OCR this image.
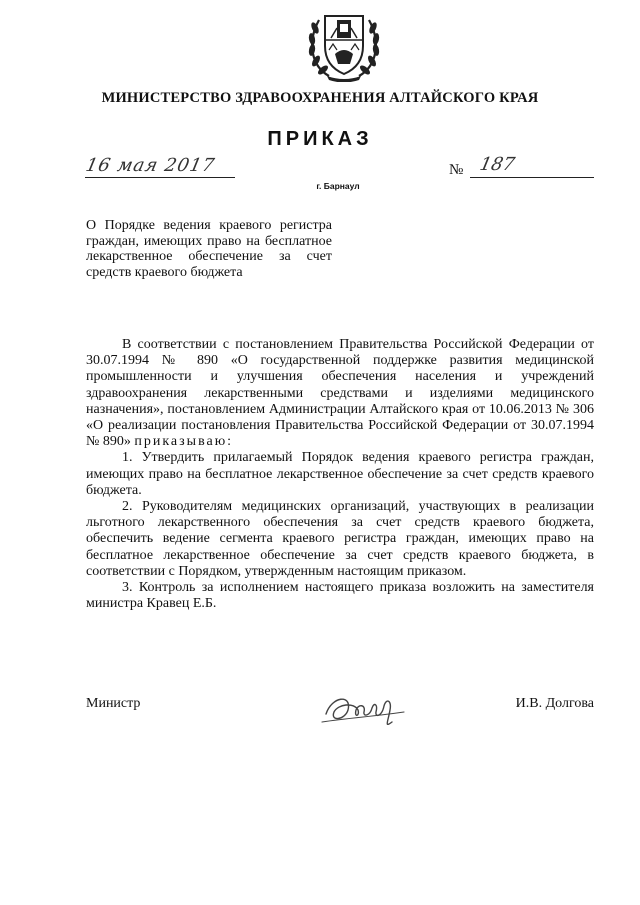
МИНИСТЕРСТВО ЗДРАВООХРАНЕНИЯ АЛТАЙСКОГО КРАЯ
ПРИКАЗ
16 мая 2017	№ 187
г. Барнаул
О Порядке ведения краевого регистра граждан, имеющих право на бесплатное лекарственное обеспечение за счет средств краевого бюджета

В соответствии с постановлением Правительства Российской Федерации от 30.07.1994 № 890 «О государственной поддержке развития медицинской промышленности и улучшения обеспечения населения и учреждений здравоохранения лекарственными средствами и изделиями медицинского назначения», постановлением Администрации Алтайского края от 10.06.2013 № 306 «О реализации постановления Правительства Российской Федерации от 30.07.1994 № 890» приказываю:

1. Утвердить прилагаемый Порядок ведения краевого регистра граждан, имеющих право на бесплатное лекарственное обеспечение за счет средств краевого бюджета.

2. Руководителям медицинских организаций, участвующих в реализации льготного лекарственного обеспечения за счет средств краевого бюджета, обеспечить ведение сегмента краевого регистра граждан, имеющих право на бесплатное лекарственное обеспечение за счет средств краевого бюджета, в соответствии с Порядком, утвержденным настоящим приказом.

3. Контроль за исполнением настоящего приказа возложить на заместителя министра Кравец Е.Б.

Министр	И.В. Долгова
